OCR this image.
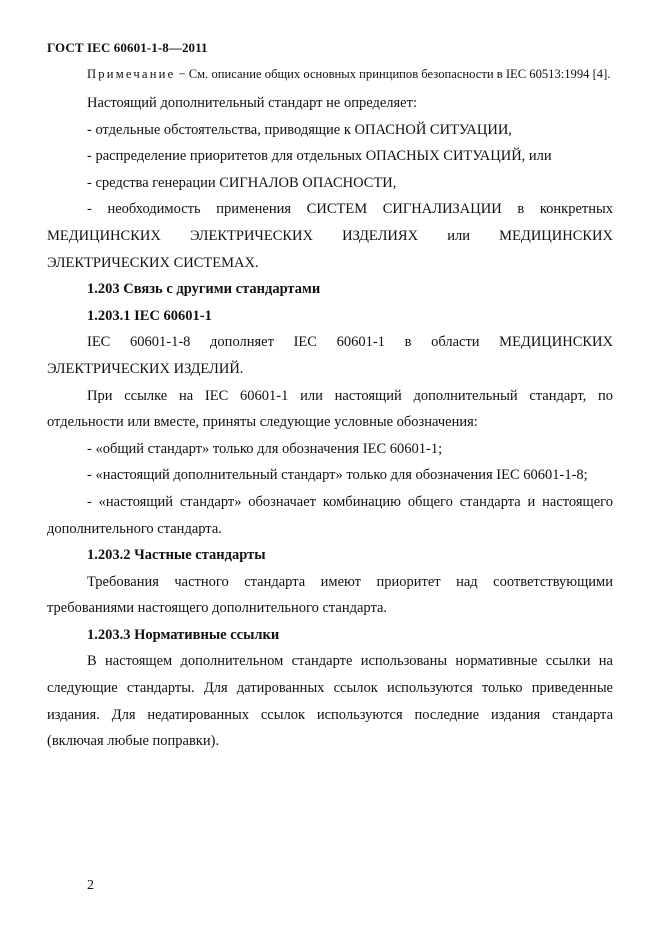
ГОСТ IEC 60601-1-8—2011

Примечание − См. описание общих основных принципов безопасности в IEC 60513:1994 [4].

Настоящий дополнительный стандарт не определяет:

- отдельные обстоятельства, приводящие к ОПАСНОЙ СИТУАЦИИ,

- распределение приоритетов для отдельных ОПАСНЫХ СИТУАЦИЙ, или

- средства генерации СИГНАЛОВ ОПАСНОСТИ,

- необходимость применения СИСТЕМ СИГНАЛИЗАЦИИ в конкретных МЕДИЦИНСКИХ ЭЛЕКТРИЧЕСКИХ ИЗДЕЛИЯХ или МЕДИЦИНСКИХ ЭЛЕКТРИЧЕСКИХ СИСТЕМАХ.

1.203 Связь с другими стандартами

1.203.1 IEC 60601-1

IEC 60601-1-8 дополняет IEC 60601-1 в области МЕДИЦИНСКИХ ЭЛЕКТРИЧЕСКИХ ИЗДЕЛИЙ.

При ссылке на IEC 60601-1 или настоящий дополнительный стандарт, по отдельности или вместе, приняты следующие условные обозначения:

- «общий стандарт» только для обозначения IEC 60601-1;

- «настоящий дополнительный стандарт» только для обозначения IEC 60601-1-8;

- «настоящий стандарт» обозначает комбинацию общего стандарта и настоящего дополнительного стандарта.

1.203.2 Частные стандарты

Требования частного стандарта имеют приоритет над соответствующими требованиями настоящего дополнительного стандарта.

1.203.3 Нормативные ссылки

В настоящем дополнительном стандарте использованы нормативные ссылки на следующие стандарты. Для датированных ссылок используются только приведенные издания. Для недатированных ссылок используются последние издания стандарта (включая любые поправки).

2
